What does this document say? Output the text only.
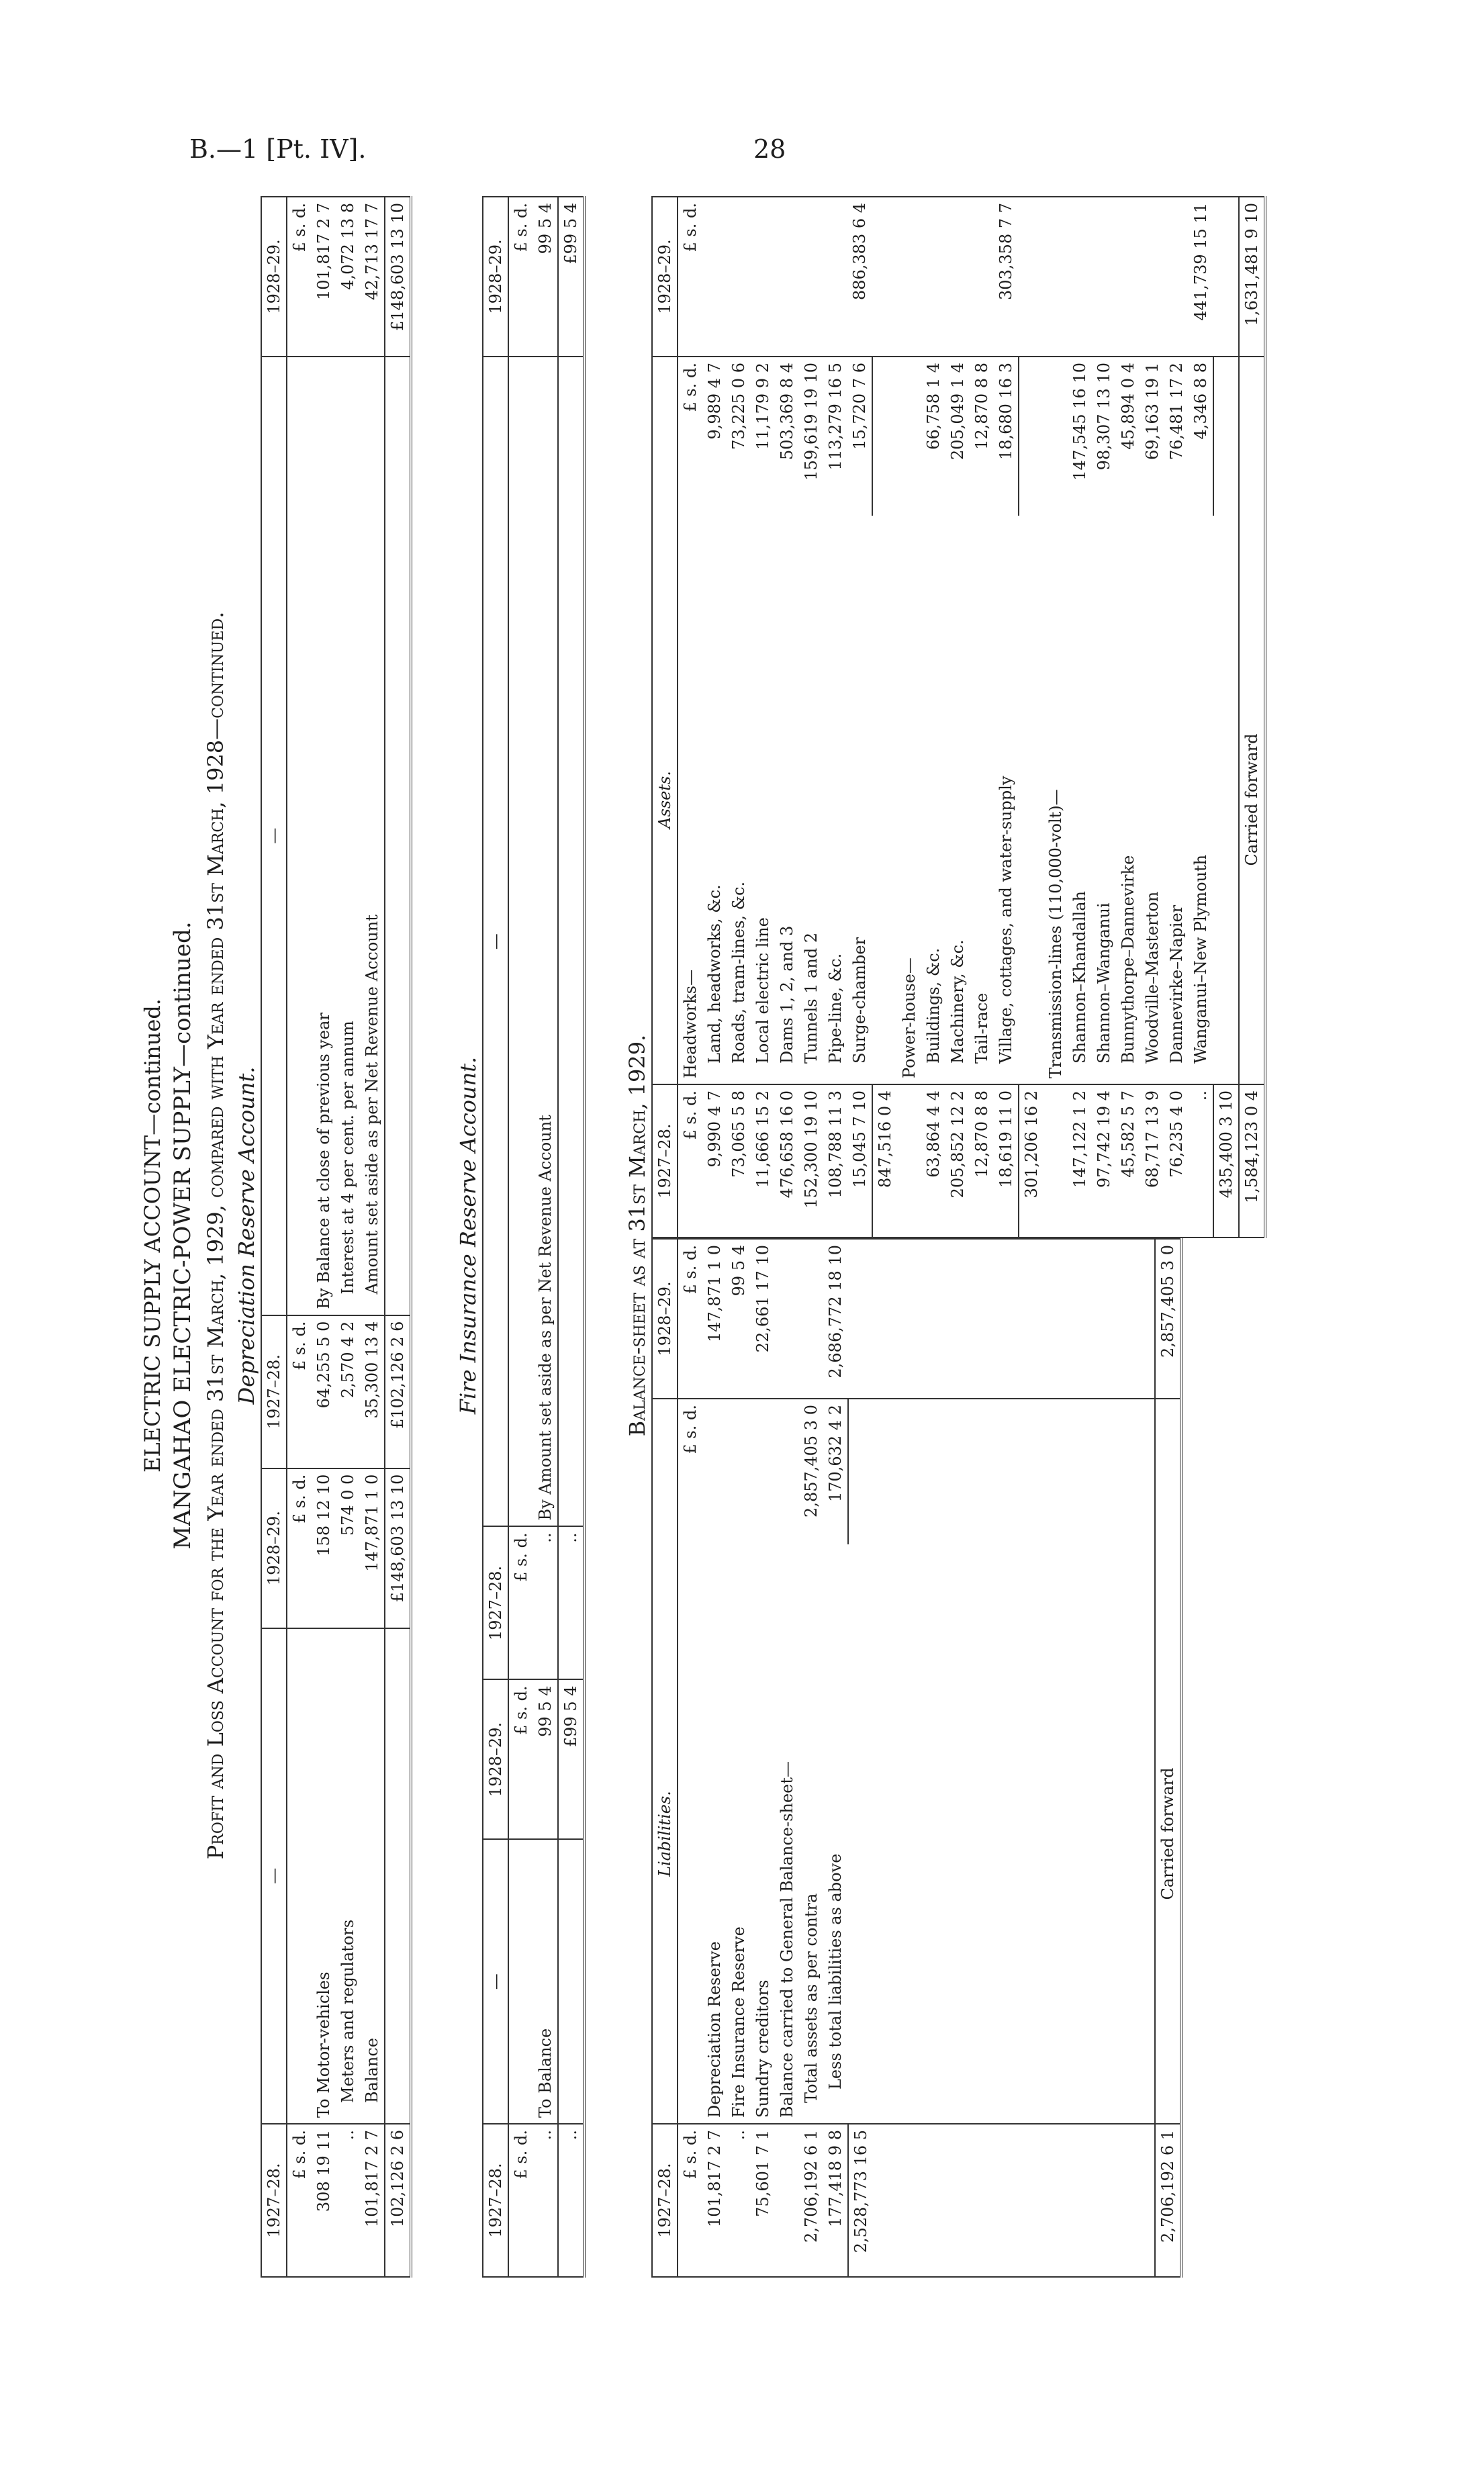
B.—1 [Pt. IV].	28
ELECTRIC SUPPLY ACCOUNT—continued. MANGAHAO ELECTRIC-POWER SUPPLY—continued. Profit and Loss Account for the Year ended 31st March, 1929, compared with Year ended 31st March, 1928—continued. Depreciation Reserve Account.
1927–28.	—	1928–29.	1927–28.	—	1928–29.
£ s. d.		£ s. d.	£ s. d.		£ s. d.
308 19 11	To Motor-vehicles	158 12 10	64,255 5 0	By Balance at close of previous year	101,817 2 7
..	Meters and regulators	574 0 0	2,570 4 2	Interest at 4 per cent. per annum	4,072 13 8
101,817 2 7	Balance	147,871 1 0	35,300 13 4	Amount set aside as per Net Revenue Account	42,713 17 7
102,126 2 6		£148,603 13 10	£102,126 2 6		£148,603 13 10
Fire Insurance Reserve Account.
1927–28.	—	1928–29.	1927–28.	—	1928–29.
£ s. d.		£ s. d.	£ s. d.		£ s. d.
..	To Balance	99 5 4	..	By Amount set aside as per Net Revenue Account	99 5 4
..		£99 5 4	..		£99 5 4
Balance-sheet as at 31st March, 1929.
1927–28.	Liabilities.		1928–29.
£ s. d.		£ s. d.	£ s. d.
101,817 2 7	Depreciation Reserve		147,871 1 0
..	Fire Insurance Reserve		99 5 4
75,601 7 1	Sundry creditors		22,661 17 10
	Balance carried to General Balance-sheet—		
2,706,192 6 1	Total assets as per contra	2,857,405 3 0	
177,418 9 8	Less total liabilities as above	170,632 4 2	2,686,772 18 10
2,528,773 16 5			

2,706,192 6 1	Carried forward		2,857,405 3 0
1927–28.	Assets.		1928–29.
£ s. d.	Headworks—	£ s. d.	£ s. d.
9,990 4 7	Land, headworks, &c.	9,989 4 7	
73,065 5 8	Roads, tram-lines, &c.	73,225 0 6	
11,666 15 2	Local electric line	11,179 9 2	
476,658 16 0	Dams 1, 2, and 3	503,369 8 4	
152,300 19 10	Tunnels 1 and 2	159,619 19 10	
108,788 11 3	Pipe-line, &c.	113,279 16 5	
15,045 7 10	Surge-chamber	15,720 7 6	886,383 6 4
847,516 0 4			
	Power-house—		
63,864 4 4	Buildings, &c.	66,758 1 4	
205,852 12 2	Machinery, &c.	205,049 1 4	
12,870 8 8	Tail-race	12,870 8 8	
18,619 11 0	Village, cottages, and water-supply	18,680 16 3	303,358 7 7
301,206 16 2			
	Transmission-lines (110,000-volt)—		
147,122 1 2	Shannon–Khandallah	147,545 16 10	
97,742 19 4	Shannon–Wanganui	98,307 13 10	
45,582 5 7	Bunnythorpe–Dannevirke	45,894 0 4	
68,717 13 9	Woodville–Masterton	69,163 19 1	
76,235 4 0	Dannevirke–Napier	76,481 17 2	
..	Wanganui–New Plymouth	4,346 8 8	441,739 15 11
435,400 3 10			
1,584,123 0 4	Carried forward		1,631,481 9 10
